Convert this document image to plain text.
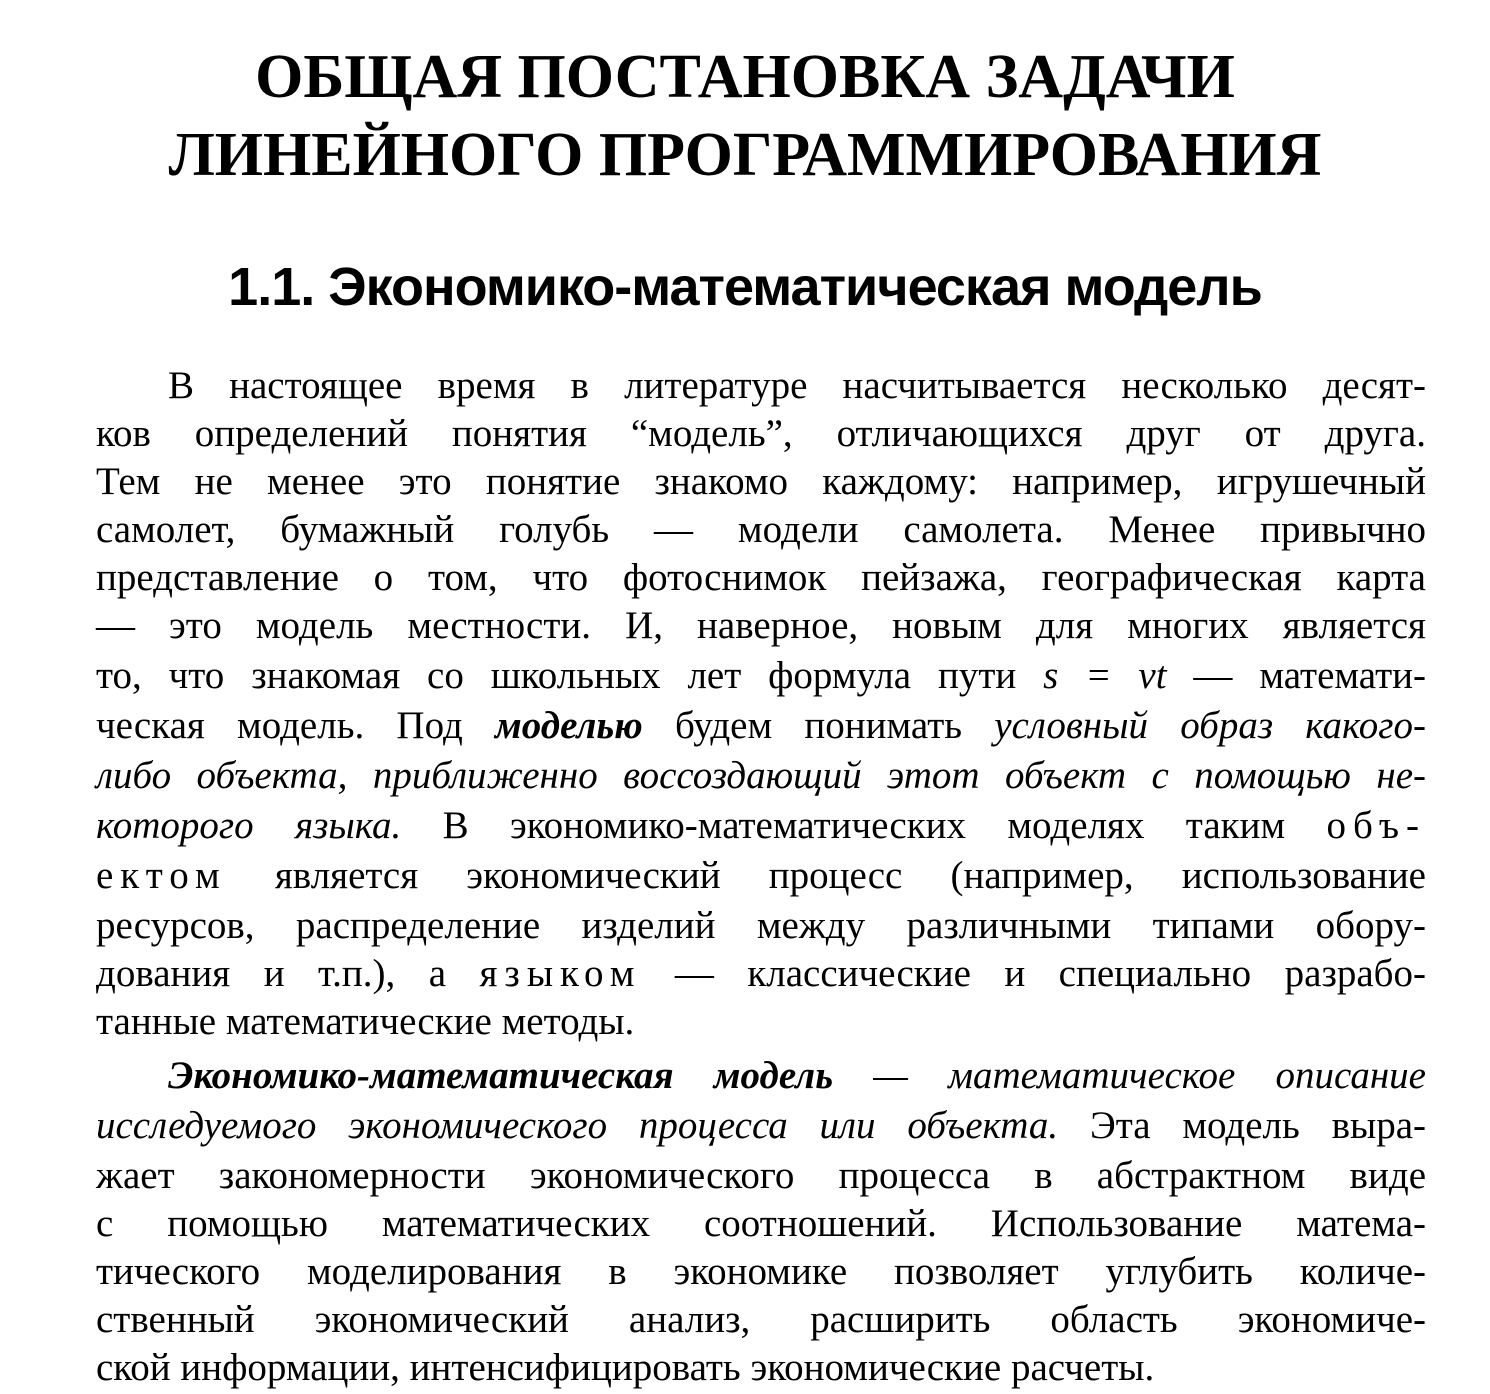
ОБЩАЯ ПОСТАНОВКА ЗАДАЧИ
ЛИНЕЙНОГО ПРОГРАММИРОВАНИЯ
1.1. Экономико-математическая модель
В настоящее время в литературе насчитывается несколько десят-
ков определений понятия “модель”, отличающихся друг от друга.
Тем не менее это понятие знакомо каждому: например, игрушечный
самолет, бумажный голубь — модели самолета. Менее привычно
представление о том, что фотоснимок пейзажа, географическая карта
— это модель местности. И, наверное, новым для многих является
то, что знакомая со школьных лет формула пути s = vt — математи-
ческая модель. Под моделью будем понимать условный образ какого-
либо объекта, приближенно воссоздающий этот объект с помощью не-
которого языка. В экономико-математических моделях таким объ-
ектом является экономический процесс (например, использование
ресурсов, распределение изделий между различными типами обору-
дования и т.п.), а языком — классические и специально разрабо-
танные математические методы.
Экономико-математическая модель — математическое описание
исследуемого экономического процесса или объекта. Эта модель выра-
жает закономерности экономического процесса в абстрактном виде
с помощью математических соотношений. Использование матема-
тического моделирования в экономике позволяет углубить количе-
ственный экономический анализ, расширить область экономиче-
ской информации, интенсифицировать экономические расчеты.
